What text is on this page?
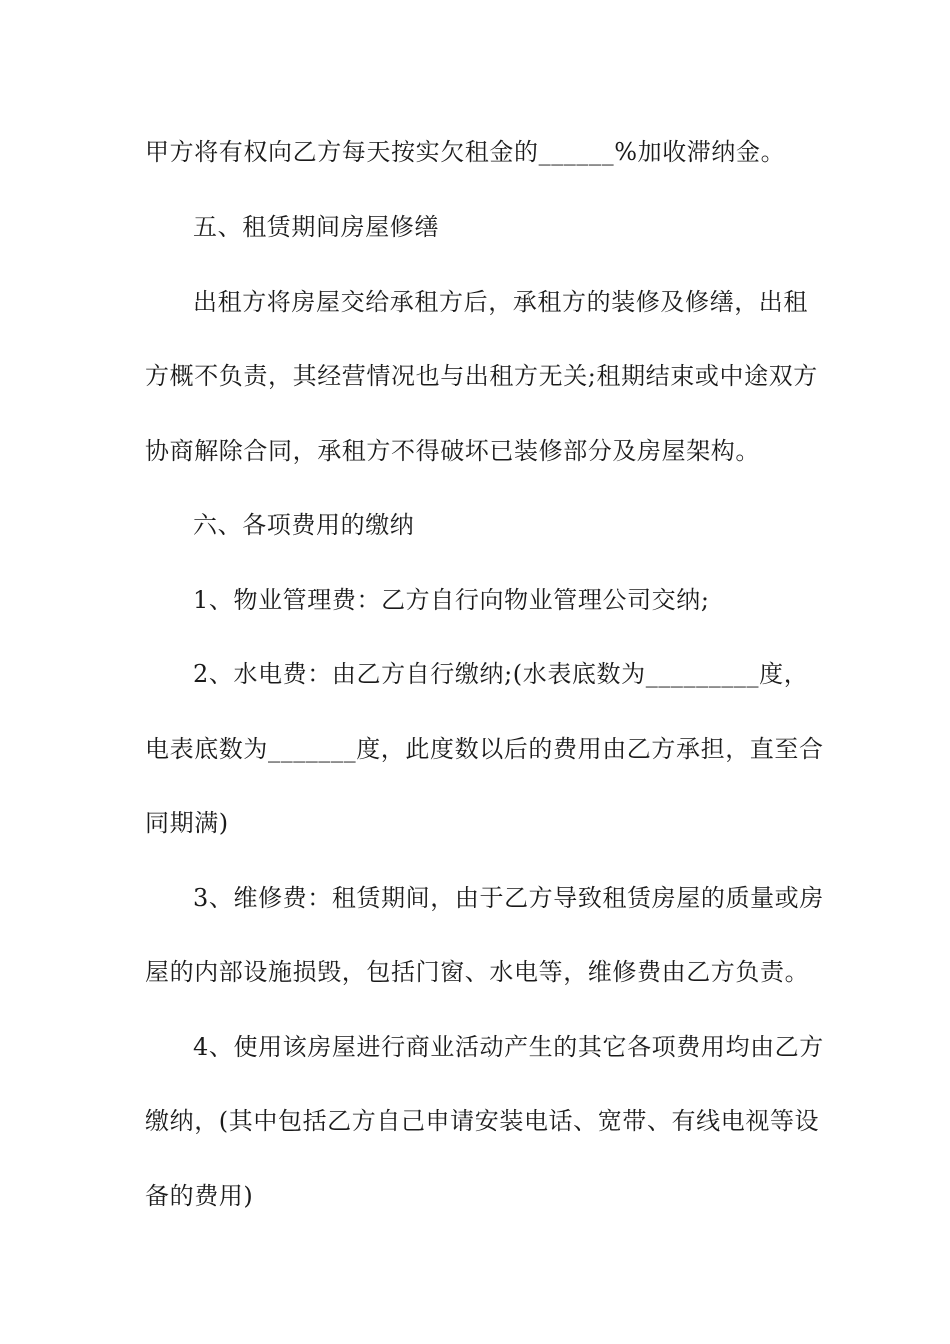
甲方将有权向乙方每天按实欠租金的______%加收滞纳金。
五、租赁期间房屋修缮
出租方将房屋交给承租方后，承租方的装修及修缮，出租
方概不负责，其经营情况也与出租方无关;租期结束或中途双方
协商解除合同，承租方不得破坏已装修部分及房屋架构。
六、各项费用的缴纳
1、物业管理费：乙方自行向物业管理公司交纳;
2、水电费：由乙方自行缴纳;(水表底数为_________度，
电表底数为_______度，此度数以后的费用由乙方承担，直至合
同期满)
3、维修费：租赁期间，由于乙方导致租赁房屋的质量或房
屋的内部设施损毁，包括门窗、水电等，维修费由乙方负责。
4、使用该房屋进行商业活动产生的其它各项费用均由乙方
缴纳，(其中包括乙方自己申请安装电话、宽带、有线电视等设
备的费用)
